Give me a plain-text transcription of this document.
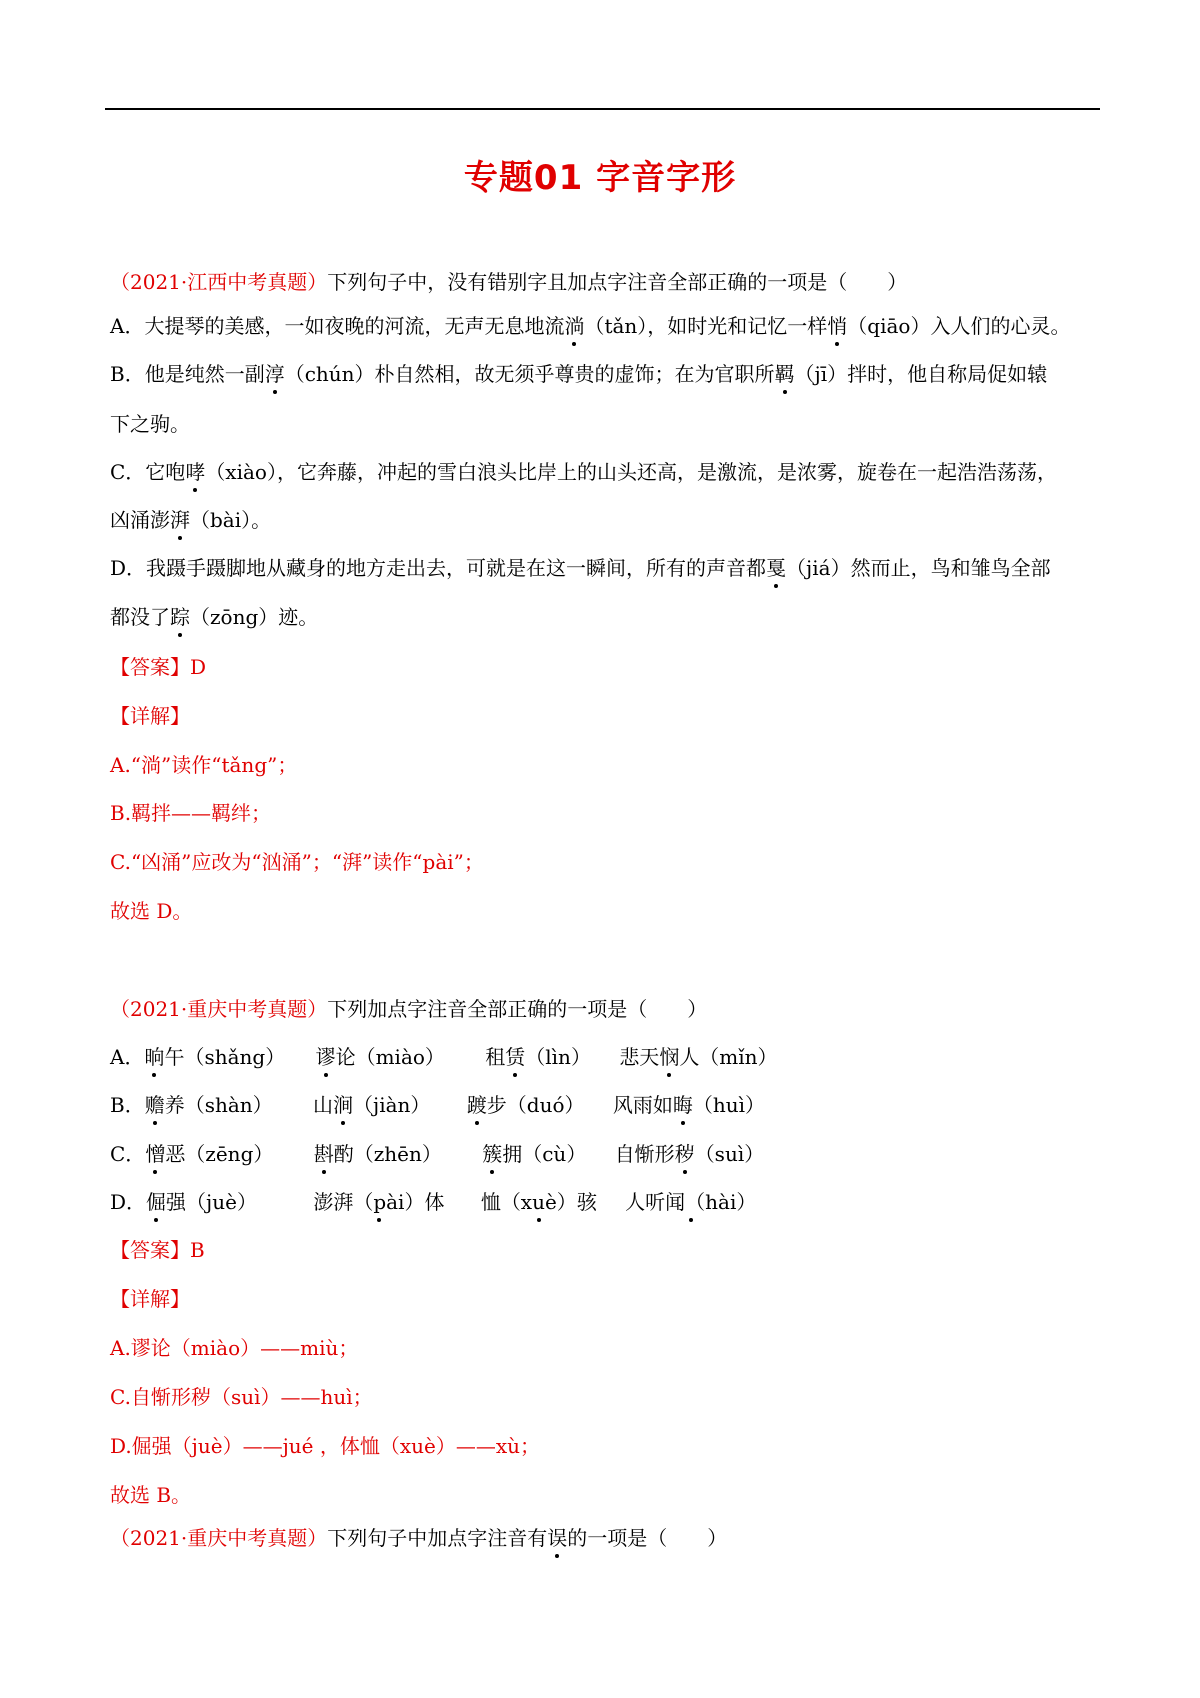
专题01 字音字形
（2021·江西中考真题）下列句子中，没有错别字且加点字注音全部正确的一项是（　　）
A．大提琴的美感，一如夜晚的河流，无声无息地流淌（tǎn），如时光和记忆一样悄（qiāo）入人们的心灵。
B．他是纯然一副淳（chún）朴自然相，故无须乎尊贵的虚饰；在为官职所羁（jī）拌时，他自称局促如辕
下之驹。
C．它咆哮（xiào），它奔藤，冲起的雪白浪头比岸上的山头还高，是激流，是浓雾，旋卷在一起浩浩荡荡，
凶涌澎湃（bài）。
D．我蹑手蹑脚地从藏身的地方走出去，可就是在这一瞬间，所有的声音都戛（jiá）然而止，鸟和雏鸟全部
都没了踪（zōng）迹。
【答案】D
【详解】
A.“淌”读作“tǎng”；
B.羁拌——羁绊；
C.“凶涌”应改为“汹涌”；“湃”读作“pài”；
故选 D。
（2021·重庆中考真题）下列加点字注音全部正确的一项是（　　）
A．晌午（shǎng） 谬论（miào） 租赁（lìn） 悲天悯人（mǐn）
B．赡养（shàn） 山涧（jiàn） 踱步（duó） 风雨如晦（huì）
C．憎恶（zēng） 斟酌（zhēn） 簇拥（cù） 自惭形秽（suì）
D．倔强（juè）	澎湃（pài）体 恤（xuè）骇 人听闻（hài）
【答案】B
【详解】
A.谬论（miào）——miù；
C.自惭形秽（suì）——huì；
D.倔强（juè）——jué ，体恤（xuè）——xù；
故选 B。
（2021·重庆中考真题）下列句子中加点字注音有误的一项是（　　）
